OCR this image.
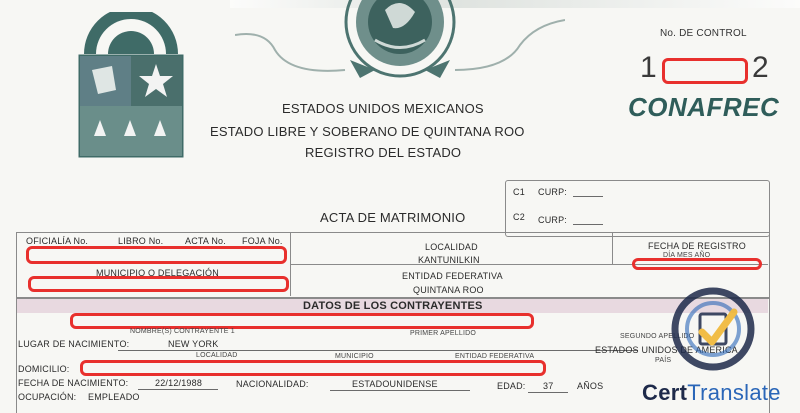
No. DE CONTROL
1	2
CONAFREC
ESTADOS UNIDOS MEXICANOS
ESTADO LIBRE Y SOBERANO DE QUINTANA ROO
REGISTRO DEL ESTADO
C1 CURP:
C2 CURP:
ACTA DE MATRIMONIO
OFICIALÍA No.	LIBRO No. ACTA No. FOJA No.
MUNICIPIO O DELEGACIÓN
LOCALIDAD
KANTUNILKIN
ENTIDAD FEDERATIVA
QUINTANA ROO
FECHA DE REGISTRO
DÍA MES AÑO
DATOS DE LOS CONTRAYENTES
NOMBRE(S) CONTRAYENTE 1	PRIMER APELLIDO	SEGUNDO APELLIDO
LUGAR DE NACIMIENTO:	NEW YORK
ESTADOS UNIDOS DE AMERICA
LOCALIDAD	MUNICIPIO	ENTIDAD FEDERATIVA
PAÍS
DOMICILIO:
FECHA DE NACIMIENTO:	22/12/1988	NACIONALIDAD:	ESTADOUNIDENSE	EDAD: 37	AÑOS
OCUPACIÓN: EMPLEADO	CertTranslate
